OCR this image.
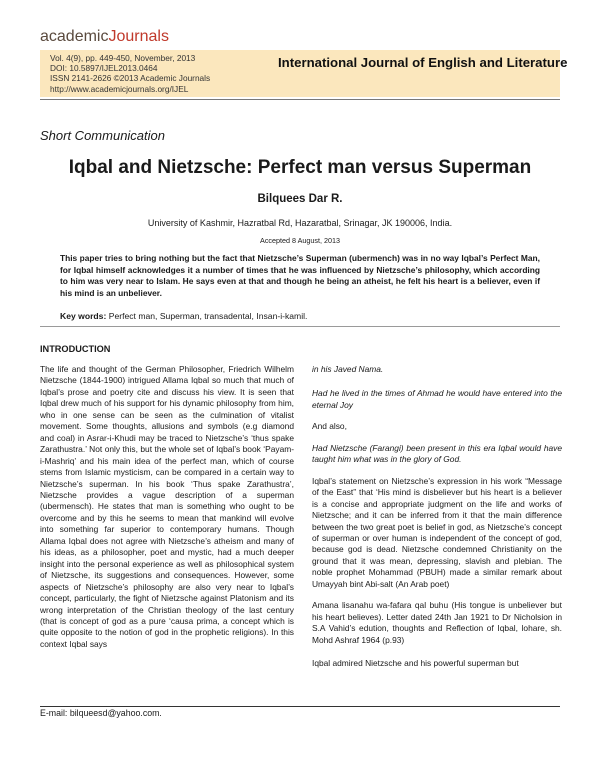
academicJournals
Vol. 4(9), pp. 449-450, November, 2013
DOI: 10.5897/IJEL2013.0464
ISSN 2141-2626 ©2013 Academic Journals
http://www.academicjournals.org/IJEL
International Journal of English and Literature
Short Communication
Iqbal and Nietzsche: Perfect man versus Superman
Bilquees Dar R.
University of Kashmir, Hazratbal Rd, Hazaratbal, Srinagar, JK 190006, India.
Accepted 8 August, 2013
This paper tries to bring nothing but the fact that Nietzsche’s Superman (ubermench) was in no way Iqbal’s Perfect Man, for Iqbal himself acknowledges it a number of times that he was influenced by Nietzsche’s philosophy, which according to him was very near to Islam. He says even at that and though he being an atheist, he felt his heart is a believer, even if his mind is an unbeliever.
Key words: Perfect man, Superman, transadental, Insan-i-kamil.
INTRODUCTION

The life and thought of the German Philosopher, Friedrich Wilhelm Nietzsche (1844-1900) intrigued Allama Iqbal so much that much of Iqbal’s prose and poetry cite and discuss his view. It is seen that Iqbal drew much of his support for his dynamic philosophy from him, who in one sense can be seen as the culmination of vitalist movement. Some thoughts, allusions and symbols (e.g diamond and coal) in Asrar-i-Khudi may be traced to Nietzsche’s ‘thus spake Zarathustra.’ Not only this, but the whole set of Iqbal’s book ‘Payam-i-Mashriq’ and his main idea of the perfect man, which of course stems from Islamic mysticism, can be compared in a certain way to Nietzsche’s superman. In his book ‘Thus spake Zarathustra’, Nietzsche provides a vague description of a superman (ubermensch). He states that man is something who ought to be overcome and by this he seems to mean that mankind will evolve into something far superior to contemporary humans. Though Allama Iqbal does not agree with Nietzsche’s atheism and many of his ideas, as a philosopher, poet and mystic, had a much deeper insight into the personal experience as well as philosophical system of Nietzsche, its suggestions and consequences. However, some aspects of Nietzsche’s philosophy are also very near to Iqbal’s concept, particularly, the fight of Nietzsche against Platonism and its wrong interpretation of the Christian theology of the last century (that is concept of god as a pure ‘causa prima, a concept which is quite opposite to the notion of god in the prophetic religions). In this context Iqbal says

in his Javed Nama.

Had he lived in the times of Ahmad he would have entered into the eternal Joy

And also,

Had Nietzsche (Farangi) been present in this era Iqbal would have taught him what was in the glory of God.

Iqbal’s statement on Nietzsche’s expression in his work “Message of the East” that ‘His mind is disbeliever but his heart is a believer is a concise and appropriate judgment on the life and works of Nietzsche; and it can be inferred from it that the main difference between the two great poet is belief in god, as Nietzsche’s concept of superman or over human is independent of the concept of god, because god is dead. Nietzsche condemned Christianity on the ground that it was mean, depressing, slavish and plebian. The noble prophet Mohammad (PBUH) made a similar remark about Umayyah bint Abi-salt (An Arab poet)

Amana lisanahu wa-fafara qal buhu (His tongue is unbeliever but his heart believes). Letter dated 24th Jan 1921 to Dr Nicholsion in S.A Vahid’s edution, thoughts and Reflection of Iqbal, lohare, sh. Mohd Ashraf 1964 (p.93)

Iqbal admired Nietzsche and his powerful superman but

E-mail: bilqueesd@yahoo.com.
